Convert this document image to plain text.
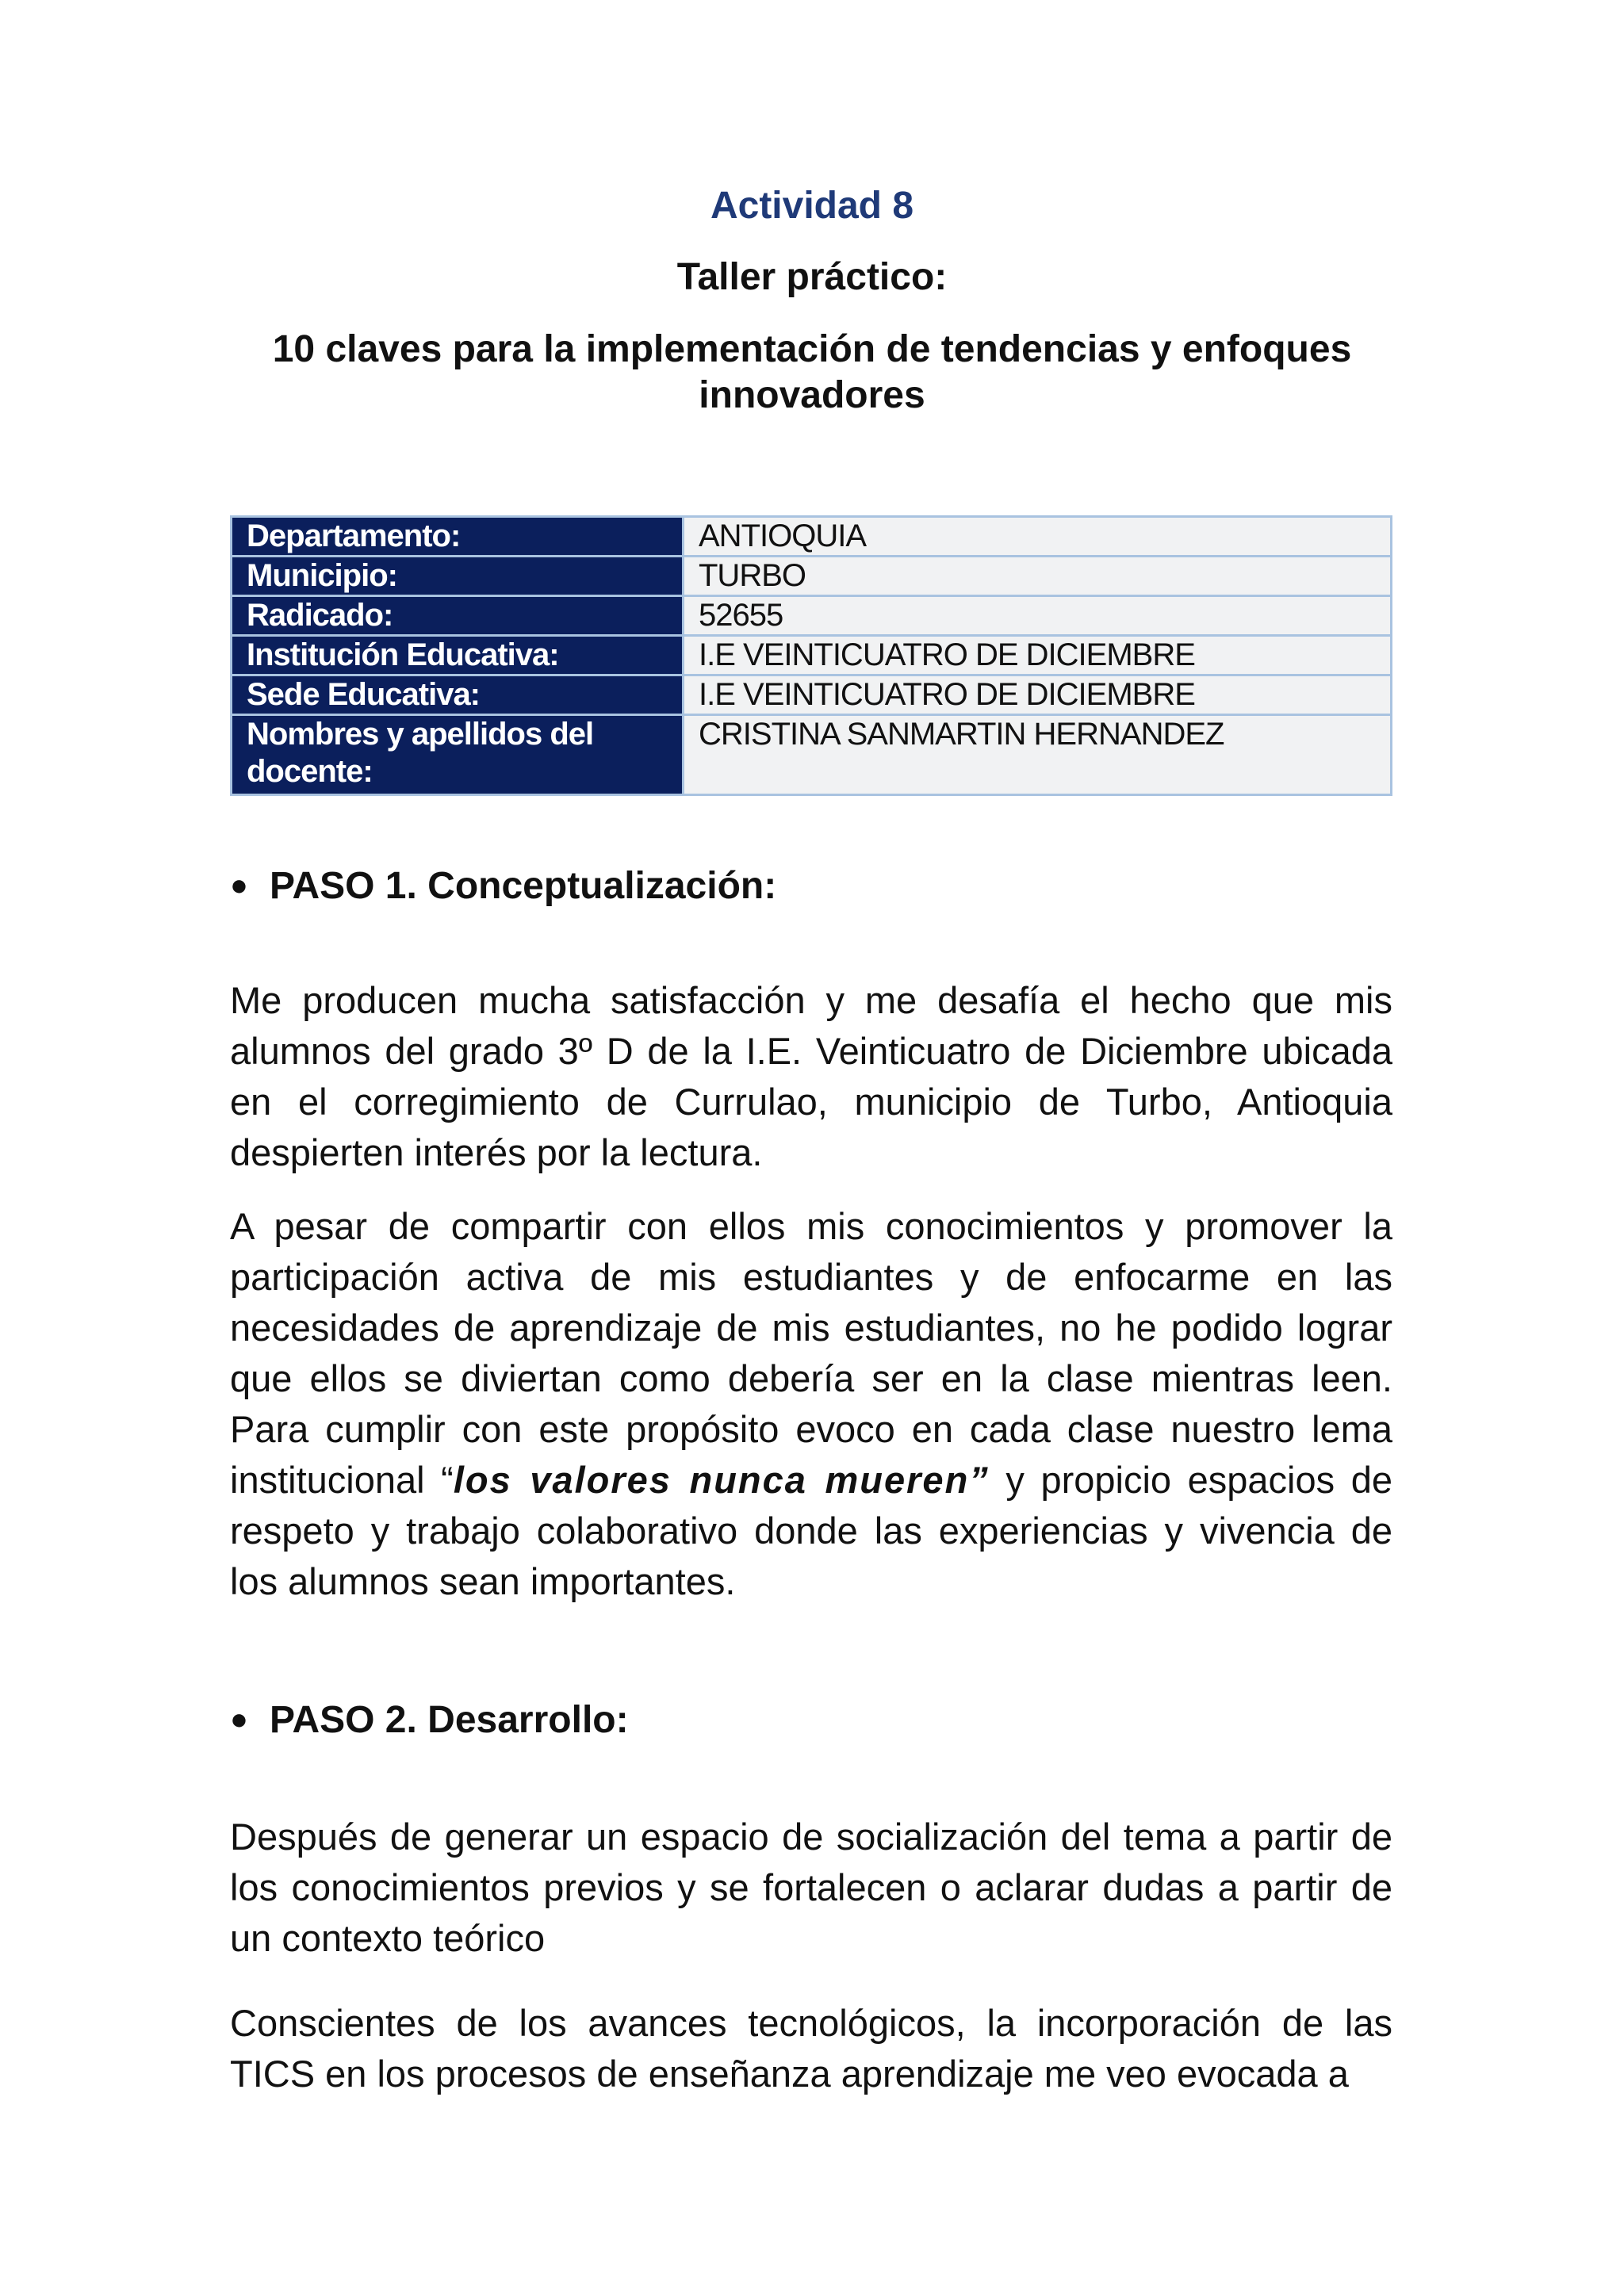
Actividad 8
Taller práctico:
10 claves para la implementación de tendencias y enfoques innovadores
Departamento:	ANTIOQUIA
Municipio:	TURBO
Radicado:	52655
Institución Educativa:	I.E VEINTICUATRO DE DICIEMBRE
Sede Educativa:	I.E VEINTICUATRO DE DICIEMBRE
Nombres y apellidos del docente:	CRISTINA SANMARTIN HERNANDEZ
● PASO 1. Conceptualización:
Me producen mucha satisfacción y me desafía el hecho que mis alumnos del grado 3º D de la I.E. Veinticuatro de Diciembre ubicada en el corregimiento de Currulao, municipio de Turbo, Antioquia despierten interés por la lectura.
A pesar de compartir con ellos mis conocimientos y promover la participación activa de mis estudiantes y de enfocarme en las necesidades de aprendizaje de mis estudiantes, no he podido lograr que ellos se diviertan como debería ser en la clase mientras leen. Para cumplir con este propósito evoco en cada clase nuestro lema institucional “los valores nunca mueren” y propicio espacios de respeto y trabajo colaborativo donde las experiencias y vivencia de los alumnos sean importantes.
● PASO 2. Desarrollo:
Después de generar un espacio de socialización del tema a partir de los conocimientos previos y se fortalecen o aclarar dudas a partir de un contexto teórico
Conscientes de los avances tecnológicos, la incorporación de las TICS en los procesos de enseñanza aprendizaje me veo evocada a
